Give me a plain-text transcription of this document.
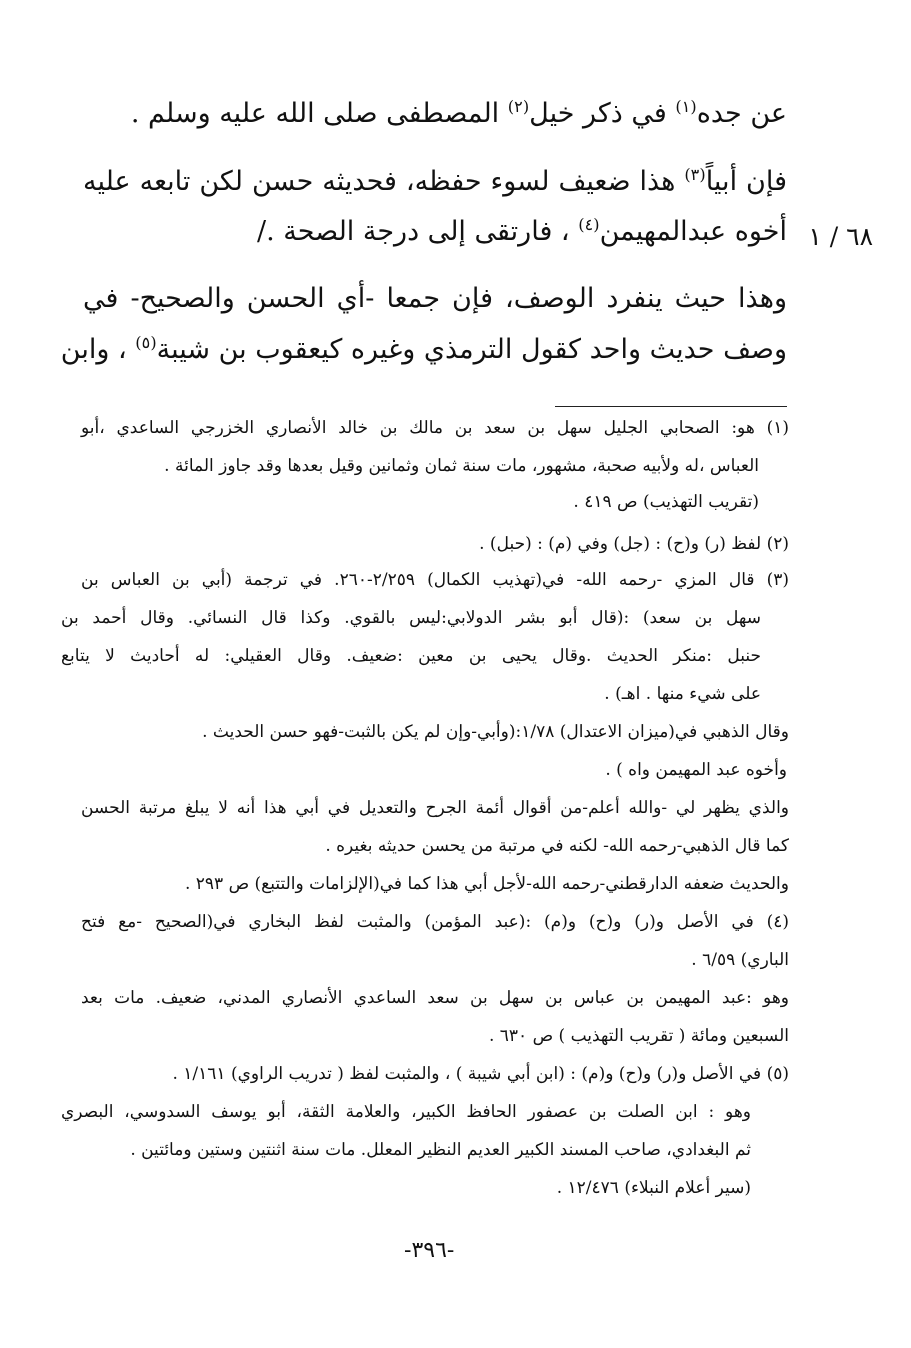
عن جده$^{(١)}$ في ذكر خيل$^{(٢)}$ المصطفى صلى الله عليه وسلم .
فإن أبياً$^{(٣)}$ هذا ضعيف لسوء حفظه، فحديثه حسن لكن تابعه عليه
أخوه عبدالمهيمن$^{(٤)}$ ، فارتقى إلى درجة الصحة ./	٦٨ / ١
وهذا حيث ينفرد الوصف، فإن جمعا -أي الحسن والصحيح- في
وصف حديث واحد كقول الترمذي وغيره كيعقوب بن شيبة$^{(٥)}$ ، وابن
(١) هو: الصحابي الجليل سهل بن سعد بن مالك بن خالد الأنصاري الخزرجي الساعدي ،أبو
العباس ،له ولأبيه صحبة، مشهور، مات سنة ثمان وثمانين وقيل بعدها وقد جاوز المائة .
(تقريب التهذيب) ص ٤١٩ .
(٢) لفظ (ر) و(ح) : (جل) وفي (م) : (حبل) .
(٣) قال المزي -رحمه الله- في(تهذيب الكمال) ٢/٢٥٩-٢٦٠. في ترجمة (أبي بن العباس بن
سهل بن سعد) :(قال أبو بشر الدولابي:ليس بالقوي. وكذا قال النسائي. وقال أحمد بن
حنبل :منكر الحديث .وقال يحيى بن معين :ضعيف. وقال العقيلي: له أحاديث لا يتابع
على شيء منها . اهـ) .
وقال الذهبي في(ميزان الاعتدال) ١/٧٨:(وأبي-وإن لم يكن بالثبت-فهو حسن الحديث .
وأخوه عبد المهيمن واه ) .
والذي يظهر لي -والله أعلم-من أقوال أئمة الجرح والتعديل في أبي هذا أنه لا يبلغ مرتبة الحسن
كما قال الذهبي-رحمه الله- لكنه في مرتبة من يحسن حديثه بغيره .
والحديث ضعفه الدارقطني-رحمه الله-لأجل أبي هذا كما في(الإلزامات والتتبع) ص ٢٩٣ .
(٤) في الأصل و(ر) و(ح) و(م) :(عبد المؤمن) والمثبت لفظ البخاري في(الصحيح -مع فتح
الباري) ٦/٥٩ .
وهو :عبد المهيمن بن عباس بن سهل بن سعد الساعدي الأنصاري المدني، ضعيف. مات بعد
السبعين ومائة ( تقريب التهذيب ) ص ٦٣٠ .
(٥) في الأصل و(ر) و(ح) و(م) : (ابن أبي شيبة ) ، والمثبت لفظ ( تدريب الراوي) ١/١٦١ .
وهو : ابن الصلت بن عصفور الحافظ الكبير، والعلامة الثقة، أبو يوسف السدوسي، البصري
ثم البغدادي، صاحب المسند الكبير العديم النظير المعلل. مات سنة اثنتين وستين ومائتين .
(سير أعلام النبلاء) ١٢/٤٧٦ .
-٣٩٦-
